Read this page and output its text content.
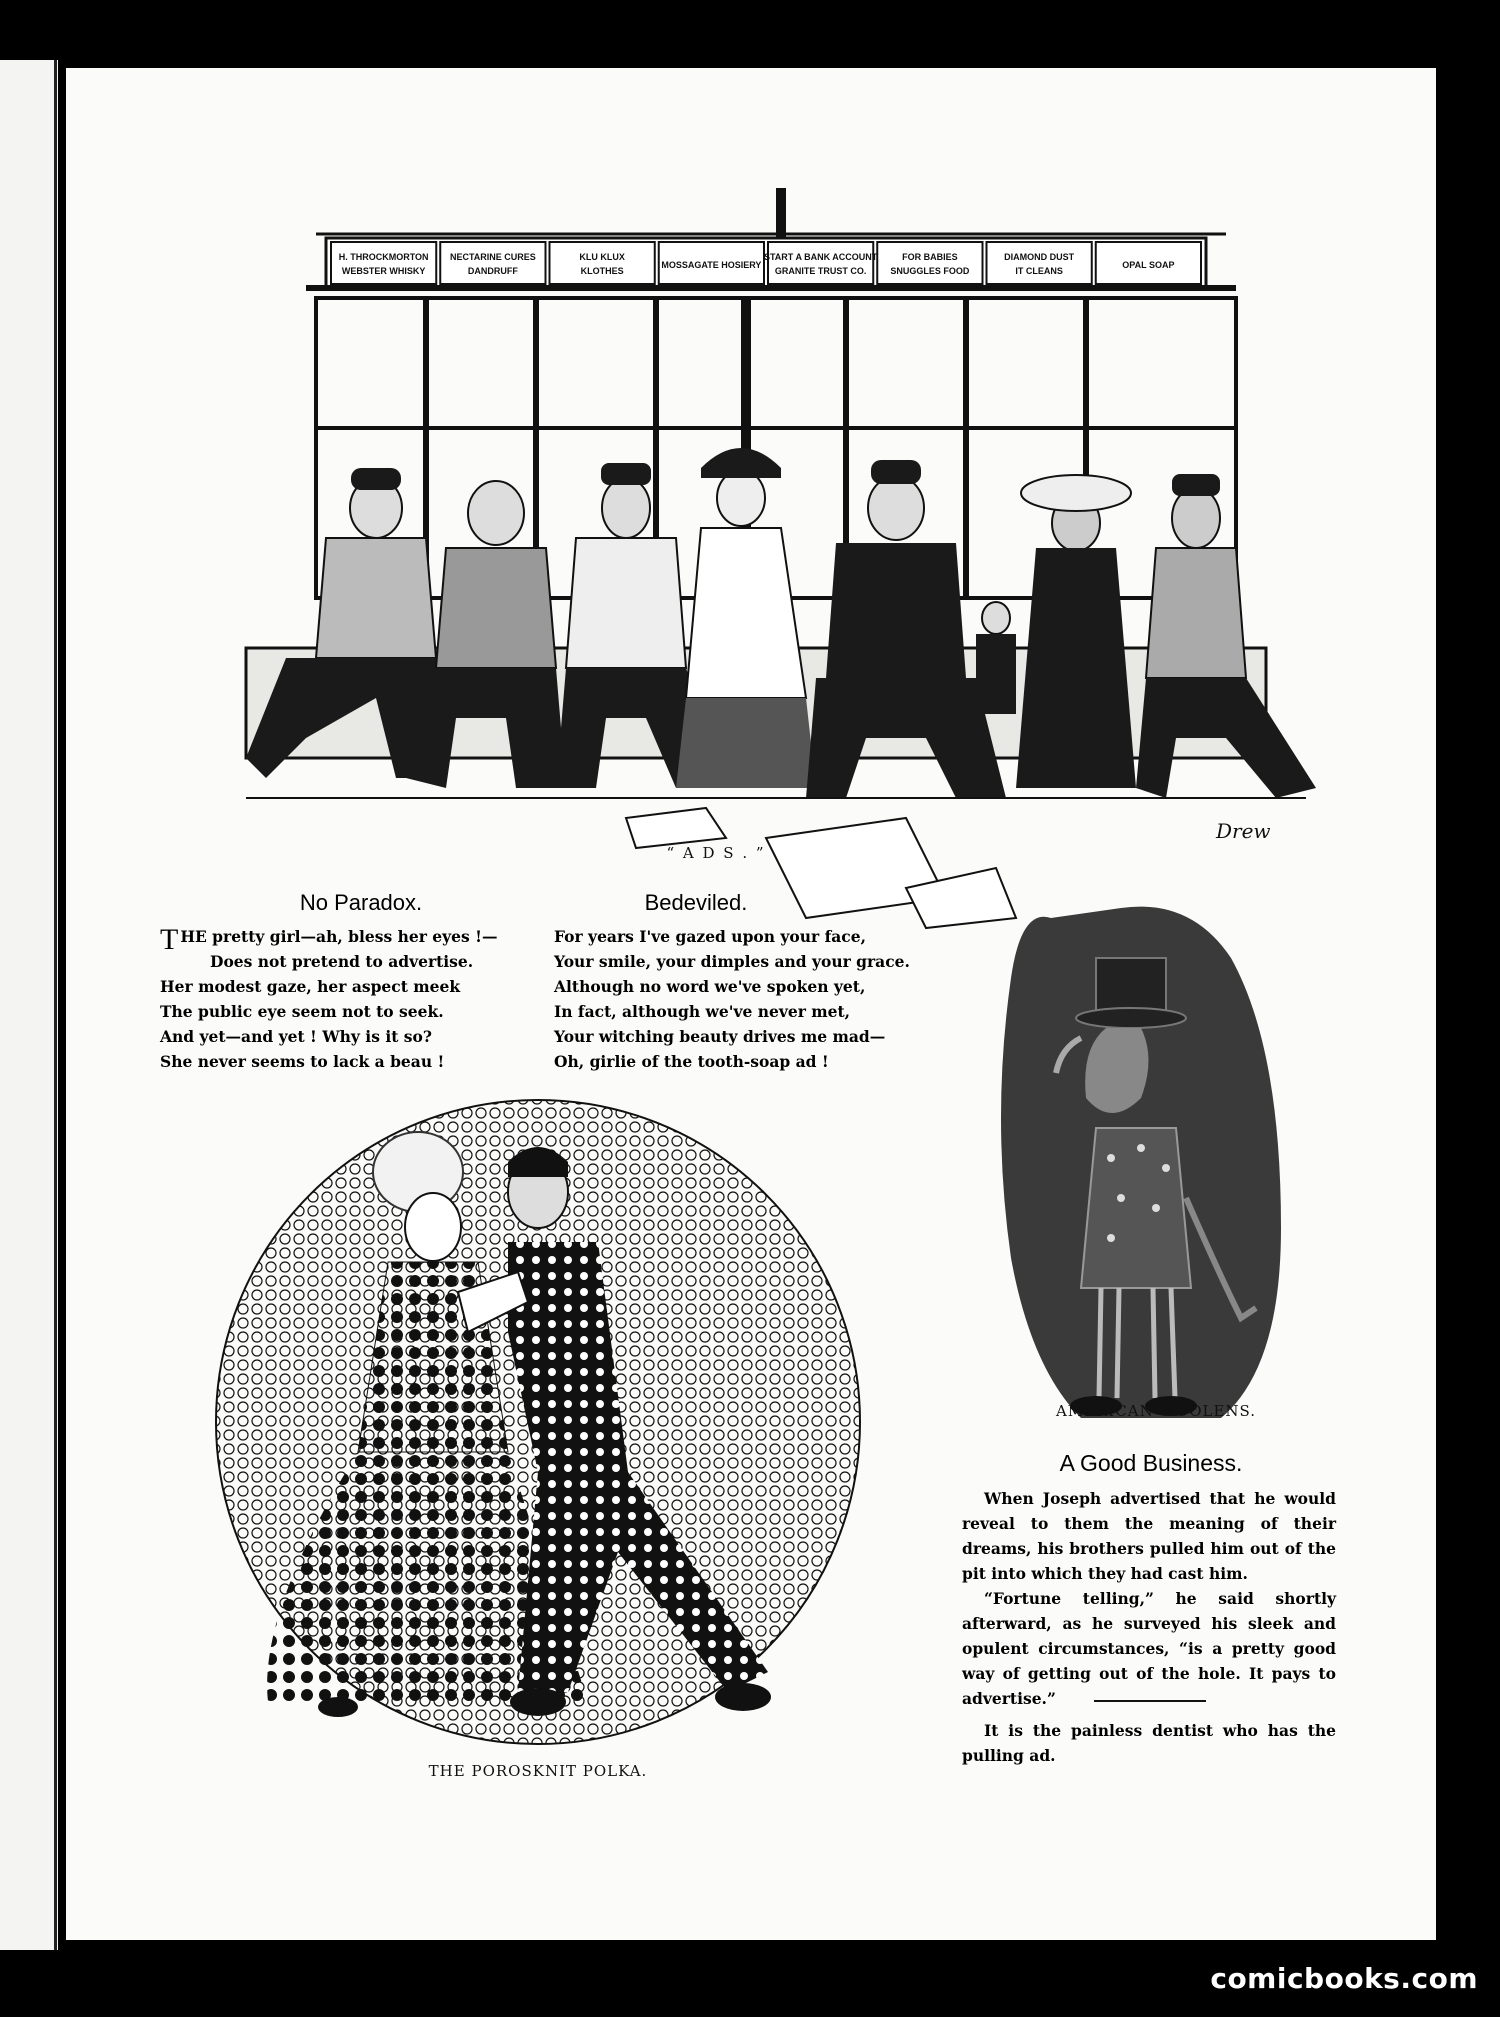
H. THROCKMORTON
WEBSTER WHISKY
NECTARINE CURES
DANDRUFF
KLU KLUX
KLOTHES
MOSSAGATE HOSIERY
START A BANK ACCOUNT
GRANITE TRUST CO.
FOR BABIES
SNUGGLES FOOD
DIAMOND DUST
IT CLEANS
OPAL SOAP
Drew
“ A D S . ”
No Paradox.
T HE pretty girl—ah, bless her eyes !—
Does not pretend to advertise.
Her modest gaze, her aspect meek
The public eye seem not to seek.
And yet—and yet ! Why is it so?
She never seems to lack a beau !
Bedeviled.
For years I've gazed upon your face,
Your smile, your dimples and your grace.
Although no word we've spoken yet,
In fact, although we've never met,
Your witching beauty drives me mad—
Oh, girlie of the tooth-soap ad !
AMERICAN WOOLENS.
THE POROSKNIT POLKA.
A Good Business.

When Joseph advertised that he would reveal to them the meaning of their dreams, his brothers pulled him out of the pit into which they had cast him.

“Fortune telling,” he said shortly afterward, as he surveyed his sleek and opulent circumstances, “is a pretty good way of getting out of the hole. It pays to advertise.”

It is the painless dentist who has the pulling ad.

comicbooks.com
